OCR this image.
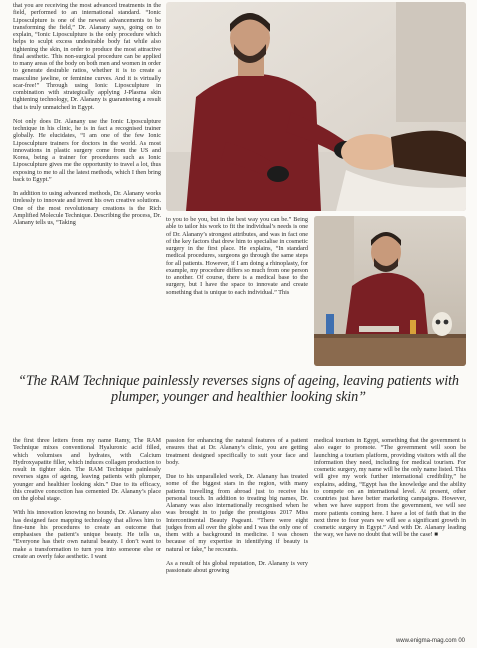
that you are receiving the most advanced treatments in the field, performed to an international standard. “Ionic Liposculpture is one of the newest advancements to be transforming the field,” Dr. Alanany says, going on to explain, “Ionic Liposculpture is the only procedure which helps to sculpt excess undesirable body fat while also tightening the skin, in order to produce the most attractive final aesthetic. This non-surgical procedure can be applied to many areas of the body on both men and women in order to generate desirable ratios, whether it is to create a masculine jawline, or feminine curves. And it is virtually scar-free!” Through using Ionic Liposculpture in combination with strategically applying J-Plasma skin tightening technology, Dr. Alanany is guaranteeing a result that is truly unmatched in Egypt.

Not only does Dr. Alanany use the Ionic Liposculpture technique in his clinic, he is in fact a recognised trainer globally. He elucidates, “I am one of the few Ionic Liposculpture trainers for doctors in the world. As most innovations in plastic surgery come from the US and Korea, being a trainer for procedures such as Ionic Liposculpture gives me the opportunity to travel a lot, thus exposing to me to all the latest methods, which I then bring back to Egypt.”

In addition to using advanced methods, Dr. Alanany works tirelessly to innovate and invent his own creative solutions. One of the most revolutionary creations is the Rich Amplified Molecule Technique. Describing the process, Dr. Alanany tells us, “Taking	to you to be you, but in the best way you can be.” Being able to tailor his work to fit the individual’s needs is one of Dr. Alanany’s strongest attributes, and was in fact one of the key factors that drew him to specialise in cosmetic surgery in the first place. He explains, “In standard medical procedures, surgeons go through the same steps for all patients. However, if I am doing a rhinoplasty, for example, my procedure differs so much from one person to another. Of course, there is a medical base to the surgery, but I have the space to innovate and create something that is unique to each individual.” This

“The RAM Technique painlessly reverses signs of ageing, leaving patients with plumper, younger and healthier looking skin”

the first three letters from my name Ramy, The RAM Technique mixes conventional Hyaluronic acid filled, which volumises and hydrates, with Calcium Hydroxyapatite filler, which induces collagen production to result in tighter skin. The RAM Technique painlessly reverses signs of ageing, leaving patients with plumper, younger and healthier looking skin.” Due to its efficacy, this creative concoction has cemented Dr. Alanany’s place on the global stage.

With his innovation knowing no bounds, Dr. Alanany also has designed face mapping technology that allows him to fine-tune his procedures to create an outcome that emphasises the patient’s unique beauty. He tells us, “Everyone has their own natural beauty. I don’t want to make a transformation to turn you into someone else or create an overly fake aesthetic. I want

passion for enhancing the natural features of a patient ensures that at Dr. Alanany’s clinic, you are getting treatment designed specifically to suit your face and body.

Due to his unparalleled work, Dr. Alanany has treated some of the biggest stars in the region, with many patients travelling from abroad just to receive his personal touch. In addition to treating big names, Dr. Alanany was also internationally recognised when he was brought in to judge the prestigious 2017 Miss Intercontinental Beauty Pageant. “There were eight judges from all over the globe and I was the only one of them with a background in medicine. I was chosen because of my expertise in identifying if beauty is natural or fake,” he recounts.

As a result of his global reputation, Dr. Alanany is very passionate about growing

medical tourism in Egypt, something that the government is also eager to promote. “The government will soon be launching a tourism platform, providing visitors with all the information they need, including for medical tourism. For cosmetic surgery, my name will be the only name listed. This will give my work further international credibility,” he explains, adding, “Egypt has the knowledge and the ability to compete on an international level. At present, other countries just have better marketing campaigns. However, when we have support from the government, we will see more patients coming here. I have a lot of faith that in the next three to four years we will see a significant growth in cosmetic surgery in Egypt.” And with Dr. Alanany leading the way, we have no doubt that will be the case! ■

www.enigma-mag.com 00
